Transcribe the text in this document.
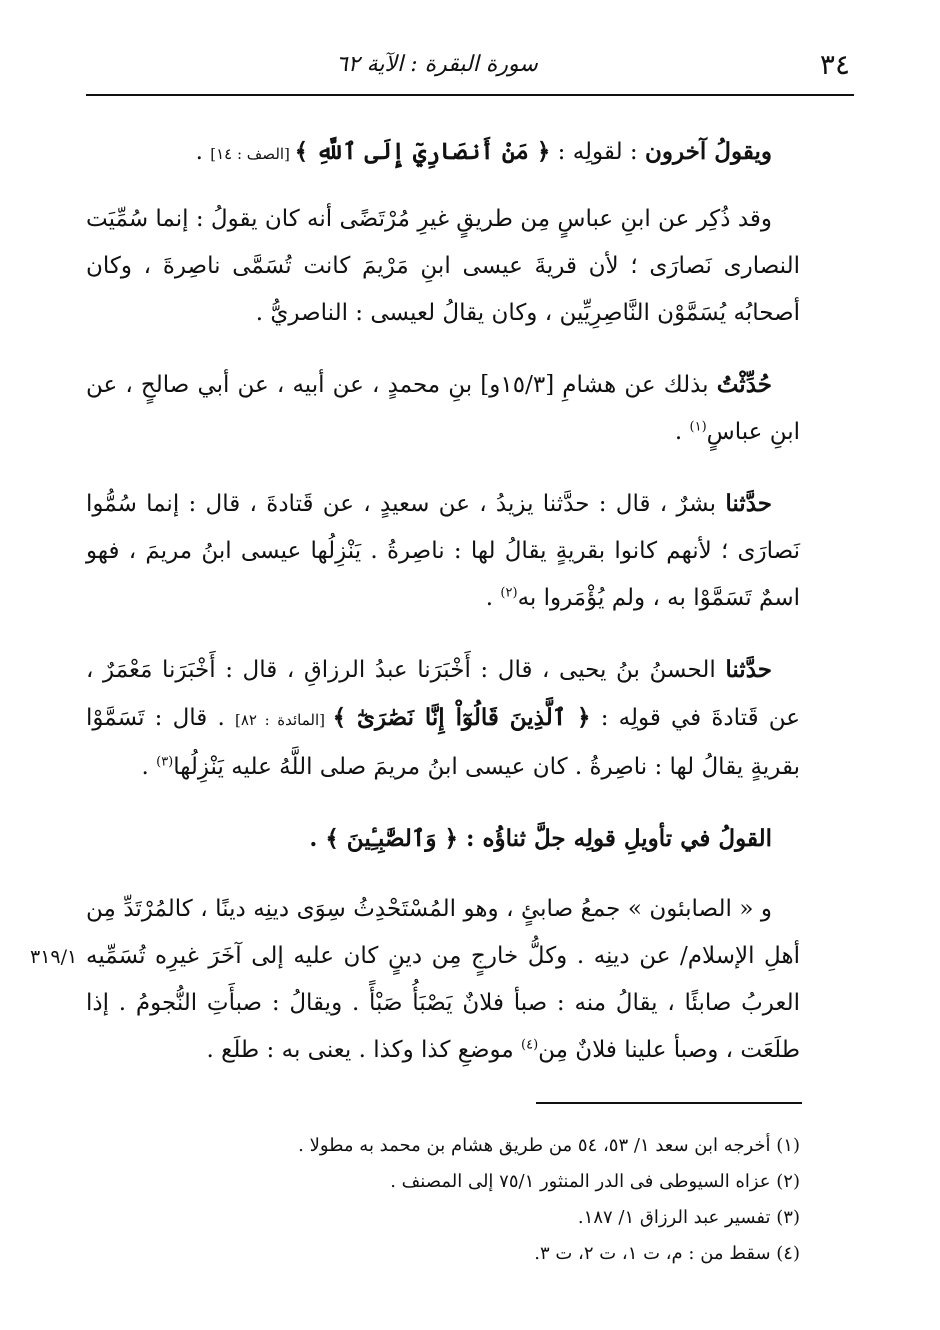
٣٤
سورة البقرة : الآية ٦٢

ويقولُ آخرون : لقولِه : ﴿ مَنْ أَنصَارِيٓ إِلَى ٱللَّهِ ﴾ [الصف : ١٤] .

وقد ذُكِر عن ابنِ عباسٍ مِن طريقٍ غيرِ مُرْتَضًى أنه كان يقولُ : إنما سُمِّيَت النصارى نَصارَى ؛ لأن قريةَ عيسى ابنِ مَرْيمَ كانت تُسَمَّى ناصِرةَ ، وكان أصحابُه يُسَمَّوْن النَّاصِرِيِّين ، وكان يقالُ لعيسى : الناصريُّ .

حُدِّثْتُ بذلك عن هشامِ [١٥/٣و] بنِ محمدٍ ، عن أبيه ، عن أبي صالحٍ ، عن ابنِ عباسٍ$^{(١)}$ .

حدَّثنا بشرٌ ، قال : حدَّثنا يزيدُ ، عن سعيدٍ ، عن قَتادةَ ، قال : إنما سُمُّوا نَصارَى ؛ لأنهم كانوا بقريةٍ يقالُ لها : ناصِرةُ . يَنْزِلُها عيسى ابنُ مريمَ ، فهو اسمٌ تَسَمَّوْا به ، ولم يُؤْمَروا به$^{(٢)}$ .

حدَّثنا الحسنُ بنُ يحيى ، قال : أَخْبَرَنا عبدُ الرزاقِ ، قال : أَخْبَرَنا مَعْمَرٌ ، عن قَتادةَ في قولِه : ﴿ ٱلَّذِينَ قَالُوٓاْ إِنَّا نَصَٰرَىٰٓ ﴾ [المائدة : ٨٢] . قال : تَسَمَّوْا بقريةٍ يقالُ لها : ناصِرةُ . كان عيسى ابنُ مريمَ صلى اللَّهُ عليه يَنْزِلُها$^{(٣)}$ .

القولُ في تأويلِ قولِه جلَّ ثناؤُه : ﴿ وَٱلصَّٰبِـِٔينَ ﴾ .

٣١٩/١
و « الصابئون » جمعُ صابئٍ ، وهو المُسْتَحْدِثُ سِوَى دينِه دينًا ، كالمُرْتَدِّ مِن أهلِ الإسلام/ عن دينِه . وكلُّ خارجٍ مِن دينٍ كان عليه إلى آخَرَ غيرِه تُسَمِّيه العربُ صابئًا ، يقالُ منه : صبأ فلانٌ يَصْبَأُ صَبْأً . ويقالُ : صبأَتِ النُّجومُ . إذا طلَعَت ، وصبأ علينا فلانٌ مِن$^{(٤)}$ موضعِ كذا وكذا . يعنى به : طلَع .

(١) أخرجه ابن سعد ١/ ٥٣، ٥٤ من طريق هشام بن محمد به مطولا .

(٢) عزاه السيوطى فى الدر المنثور ٧٥/١ إلى المصنف .

(٣) تفسير عبد الرزاق ١/ ١٨٧.

(٤) سقط من : م، ت ١، ت ٢، ت ٣.
